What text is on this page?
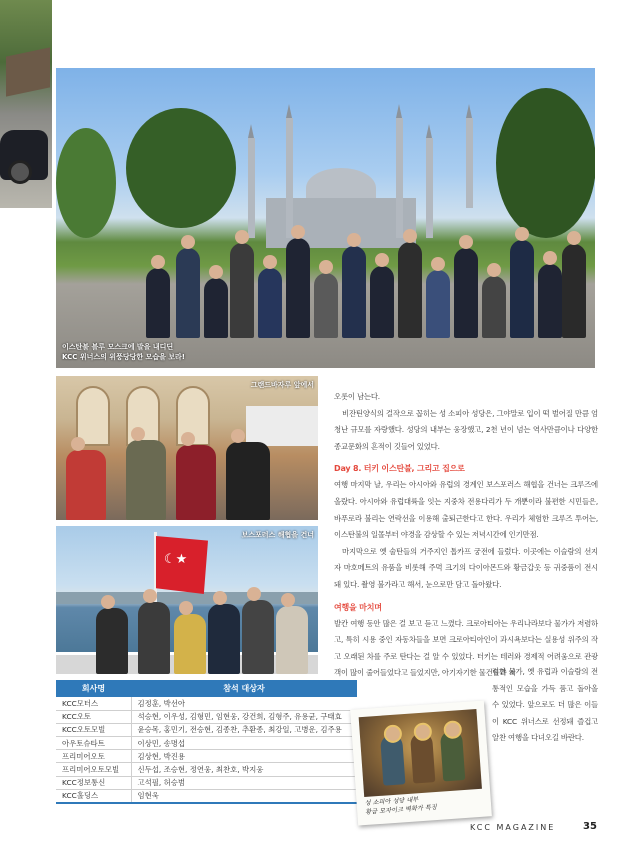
이스탄불 블루 모스크에 발을 내디딘
KCC 위너스의 위풍당당한 모습을 보라!
그랜드바자루 앞에서
☾★
보스포러스 해협을 건너

오롯이 남는다.

비잔틴양식의 걸작으로 꼽히는 성 소피아 성당은, 그야말로 입이 떡 벌어질 만큼 엄청난 규모를 자랑했다. 성당의 내부는 웅장했고, 2천 년이 넘는 역사만큼이나 다양한 종교문화의 흔적이 깃들어 있었다.

Day 8. 터키 이스탄불, 그리고 집으로

여행 마지막 날, 우리는 아시아와 유럽의 경계인 보스포러스 해협을 건너는 크루즈에 올랐다. 아시아와 유럽대륙을 잇는 지중차 전용다리가 두 개뿐이라 불편한 시민들은, 바푸로라 불리는 연락선을 이용해 출퇴근한다고 한다. 우리가 체험한 크루즈 투어는, 이스탄불의 일몰부터 야경을 감상할 수 있는 저녁시간에 인기만점.

마지막으로 옛 술탄들의 거주지인 톱카프 궁전에 들렀다. 이곳에는 이슬람의 선지자 마호메트의 유품을 비롯해 주먹 크기의 다이아몬드와 황금갑옷 등 귀중품이 전시돼 있다. 촬영 불가라고 해서, 눈으로만 담고 돌아왔다.

여행을 마치며

발칸 여행 동안 많은 걸 보고 듣고 느꼈다. 크로아티아는 우리나라보다 물가가 저렴하고, 특히 시용 중인 자동차들을 보면 크로아티아인이 과시욕보다는 실용성 위주의 작고 오래된 차를 주로 탄다는 걸 알 수 있었다. 터키는 테러와 경제적 어려움으로 관광객이 많이 줄어들었다고 들었지만, 아기자기한 물건들과 저

렴한 물가, 옛 유럽과 이슬람의 전통적인 모습을 가득 품고 돌아올 수 있었다. 앞으로도 더 많은 이들이 KCC 위너스로 선정돼 즐겁고 알찬 여행을 다녀오길 바란다.
회사명	참석 대상자
KCC모터스	김정훈, 박선아
KCC오토	석승현, 이우성, 김형민, 임현웅, 강건희, 김형주, 유용균, 구태효
KCC오토모빌	윤승목, 홍민기, 전승현, 김종찬, 추환종, 최강일, 고병운, 김주용
아우토슈타트	이상민, 송명섭
프리미어오토	김상현, 박진용
프리미어오토모빌	신두섭, 조승현, 정연웅, 최찬호, 박지웅
KCC정보통신	고석필, 허승범
KCC홀딩스	임현욱
성 소피아 성당 내부
황금 모자이크 벽화가 특징
KCC MAGAZINE	35
